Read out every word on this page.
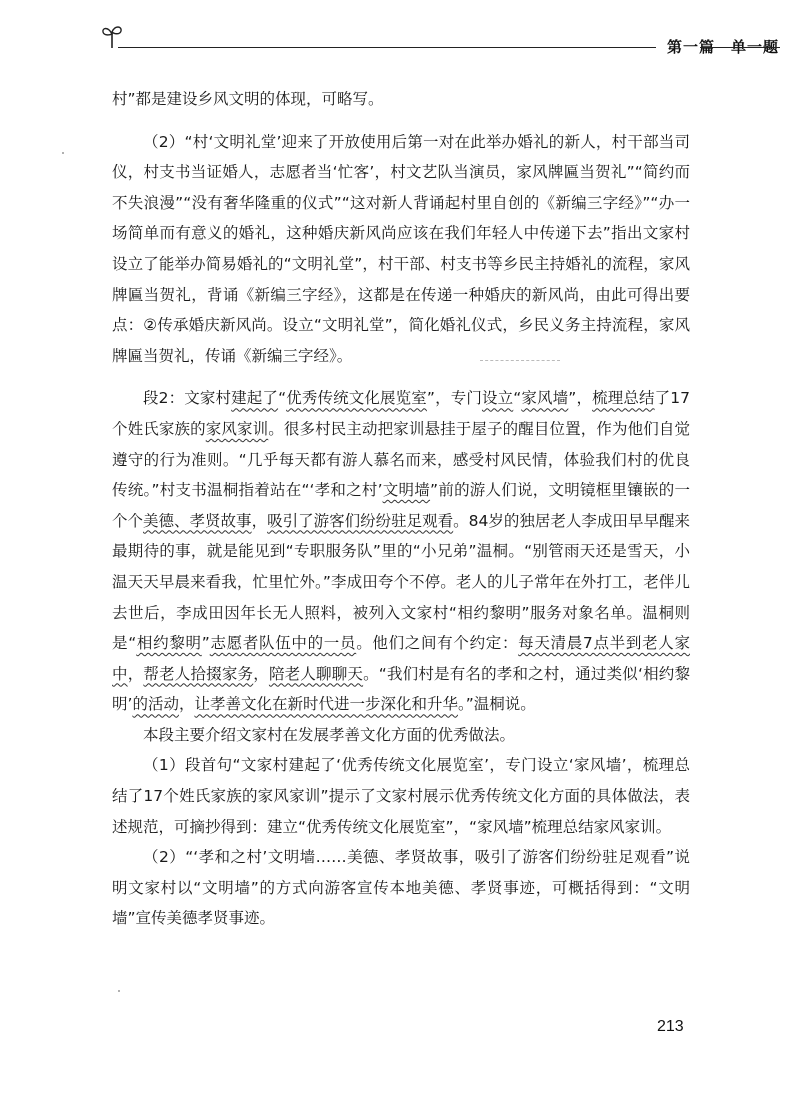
第一篇　单一题

村”都是建设乡风文明的体现，可略写。

（2）“村‘文明礼堂’迎来了开放使用后第一对在此举办婚礼的新人，村干部当司仪，村支书当证婚人，志愿者当‘忙客’，村文艺队当演员，家风牌匾当贺礼”“简约而不失浪漫”“没有奢华隆重的仪式”“这对新人背诵起村里自创的《新编三字经》”“办一场简单而有意义的婚礼，这种婚庆新风尚应该在我们年轻人中传递下去”指出文家村设立了能举办简易婚礼的“文明礼堂”，村干部、村支书等乡民主持婚礼的流程，家风牌匾当贺礼，背诵《新编三字经》，这都是在传递一种婚庆的新风尚，由此可得出要点：②传承婚庆新风尚。设立“文明礼堂”，简化婚礼仪式，乡民义务主持流程，家风牌匾当贺礼，传诵《新编三字经》。

段2：文家村建起了“优秀传统文化展览室”，专门设立“家风墙”，梳理总结了17个姓氏家族的家风家训。很多村民主动把家训悬挂于屋子的醒目位置，作为他们自觉遵守的行为准则。“几乎每天都有游人慕名而来，感受村风民情，体验我们村的优良传统。”村支书温桐指着站在“‘孝和之村’文明墙”前的游人们说，文明镜框里镶嵌的一个个美德、孝贤故事，吸引了游客们纷纷驻足观看。84岁的独居老人李成田早早醒来最期待的事，就是能见到“专职服务队”里的“小兄弟”温桐。“别管雨天还是雪天，小温天天早晨来看我，忙里忙外。”李成田夸个不停。老人的儿子常年在外打工，老伴儿去世后，李成田因年长无人照料，被列入文家村“相约黎明”服务对象名单。温桐则是“相约黎明”志愿者队伍中的一员。他们之间有个约定：每天清晨7点半到老人家中，帮老人拾掇家务，陪老人聊聊天。“我们村是有名的孝和之村，通过类似‘相约黎明’的活动，让孝善文化在新时代进一步深化和升华。”温桐说。

本段主要介绍文家村在发展孝善文化方面的优秀做法。

（1）段首句“文家村建起了‘优秀传统文化展览室’，专门设立‘家风墙’，梳理总结了17个姓氏家族的家风家训”提示了文家村展示优秀传统文化方面的具体做法，表述规范，可摘抄得到：建立“优秀传统文化展览室”，“家风墙”梳理总结家风家训。

（2）“‘孝和之村’文明墙……美德、孝贤故事，吸引了游客们纷纷驻足观看”说明文家村以“文明墙”的方式向游客宣传本地美德、孝贤事迹，可概括得到：“文明墙”宣传美德孝贤事迹。

213
